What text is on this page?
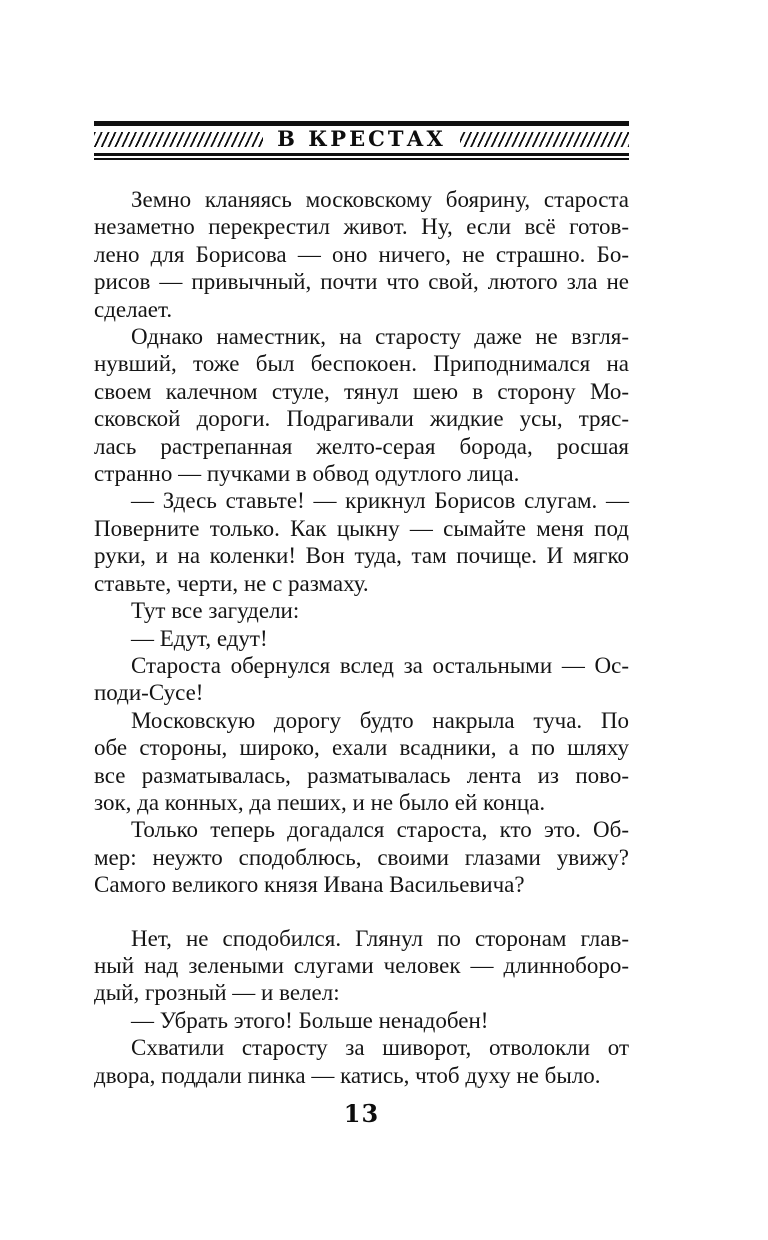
В КРЕСТАХ
Земно кланяясь московскому боярину, староста
незаметно перекрестил живот. Ну, если всё готов-
лено для Борисова — оно ничего, не страшно. Бо-
рисов — привычный, почти что свой, лютого зла не
сделает.
Однако наместник, на старосту даже не взгля-
нувший, тоже был беспокоен. Приподнимался на
своем калечном стуле, тянул шею в сторону Мо-
сковской дороги. Подрагивали жидкие усы, тряс-
лась растрепанная желто-серая борода, росшая
странно — пучками в обвод одутлого лица.
— Здесь ставьте! — крикнул Борисов слугам. —
Поверните только. Как цыкну — сымайте меня под
руки, и на коленки! Вон туда, там почище. И мягко
ставьте, черти, не с размаху.
Тут все загудели:
— Едут, едут!
Староста обернулся вслед за остальными — Ос-
поди-Сусе!
Московскую дорогу будто накрыла туча. По
обе стороны, широко, ехали всадники, а по шляху
все разматывалась, разматывалась лента из пово-
зок, да конных, да пеших, и не было ей конца.
Только теперь догадался староста, кто это. Об-
мер: неужто сподоблюсь, своими глазами увижу?
Самого великого князя Ивана Васильевича?
Нет, не сподобился. Глянул по сторонам глав-
ный над зелеными слугами человек — длинноборо-
дый, грозный — и велел:
— Убрать этого! Больше ненадобен!
Схватили старосту за шиворот, отволокли от
двора, поддали пинка — катись, чтоб духу не было.
13
